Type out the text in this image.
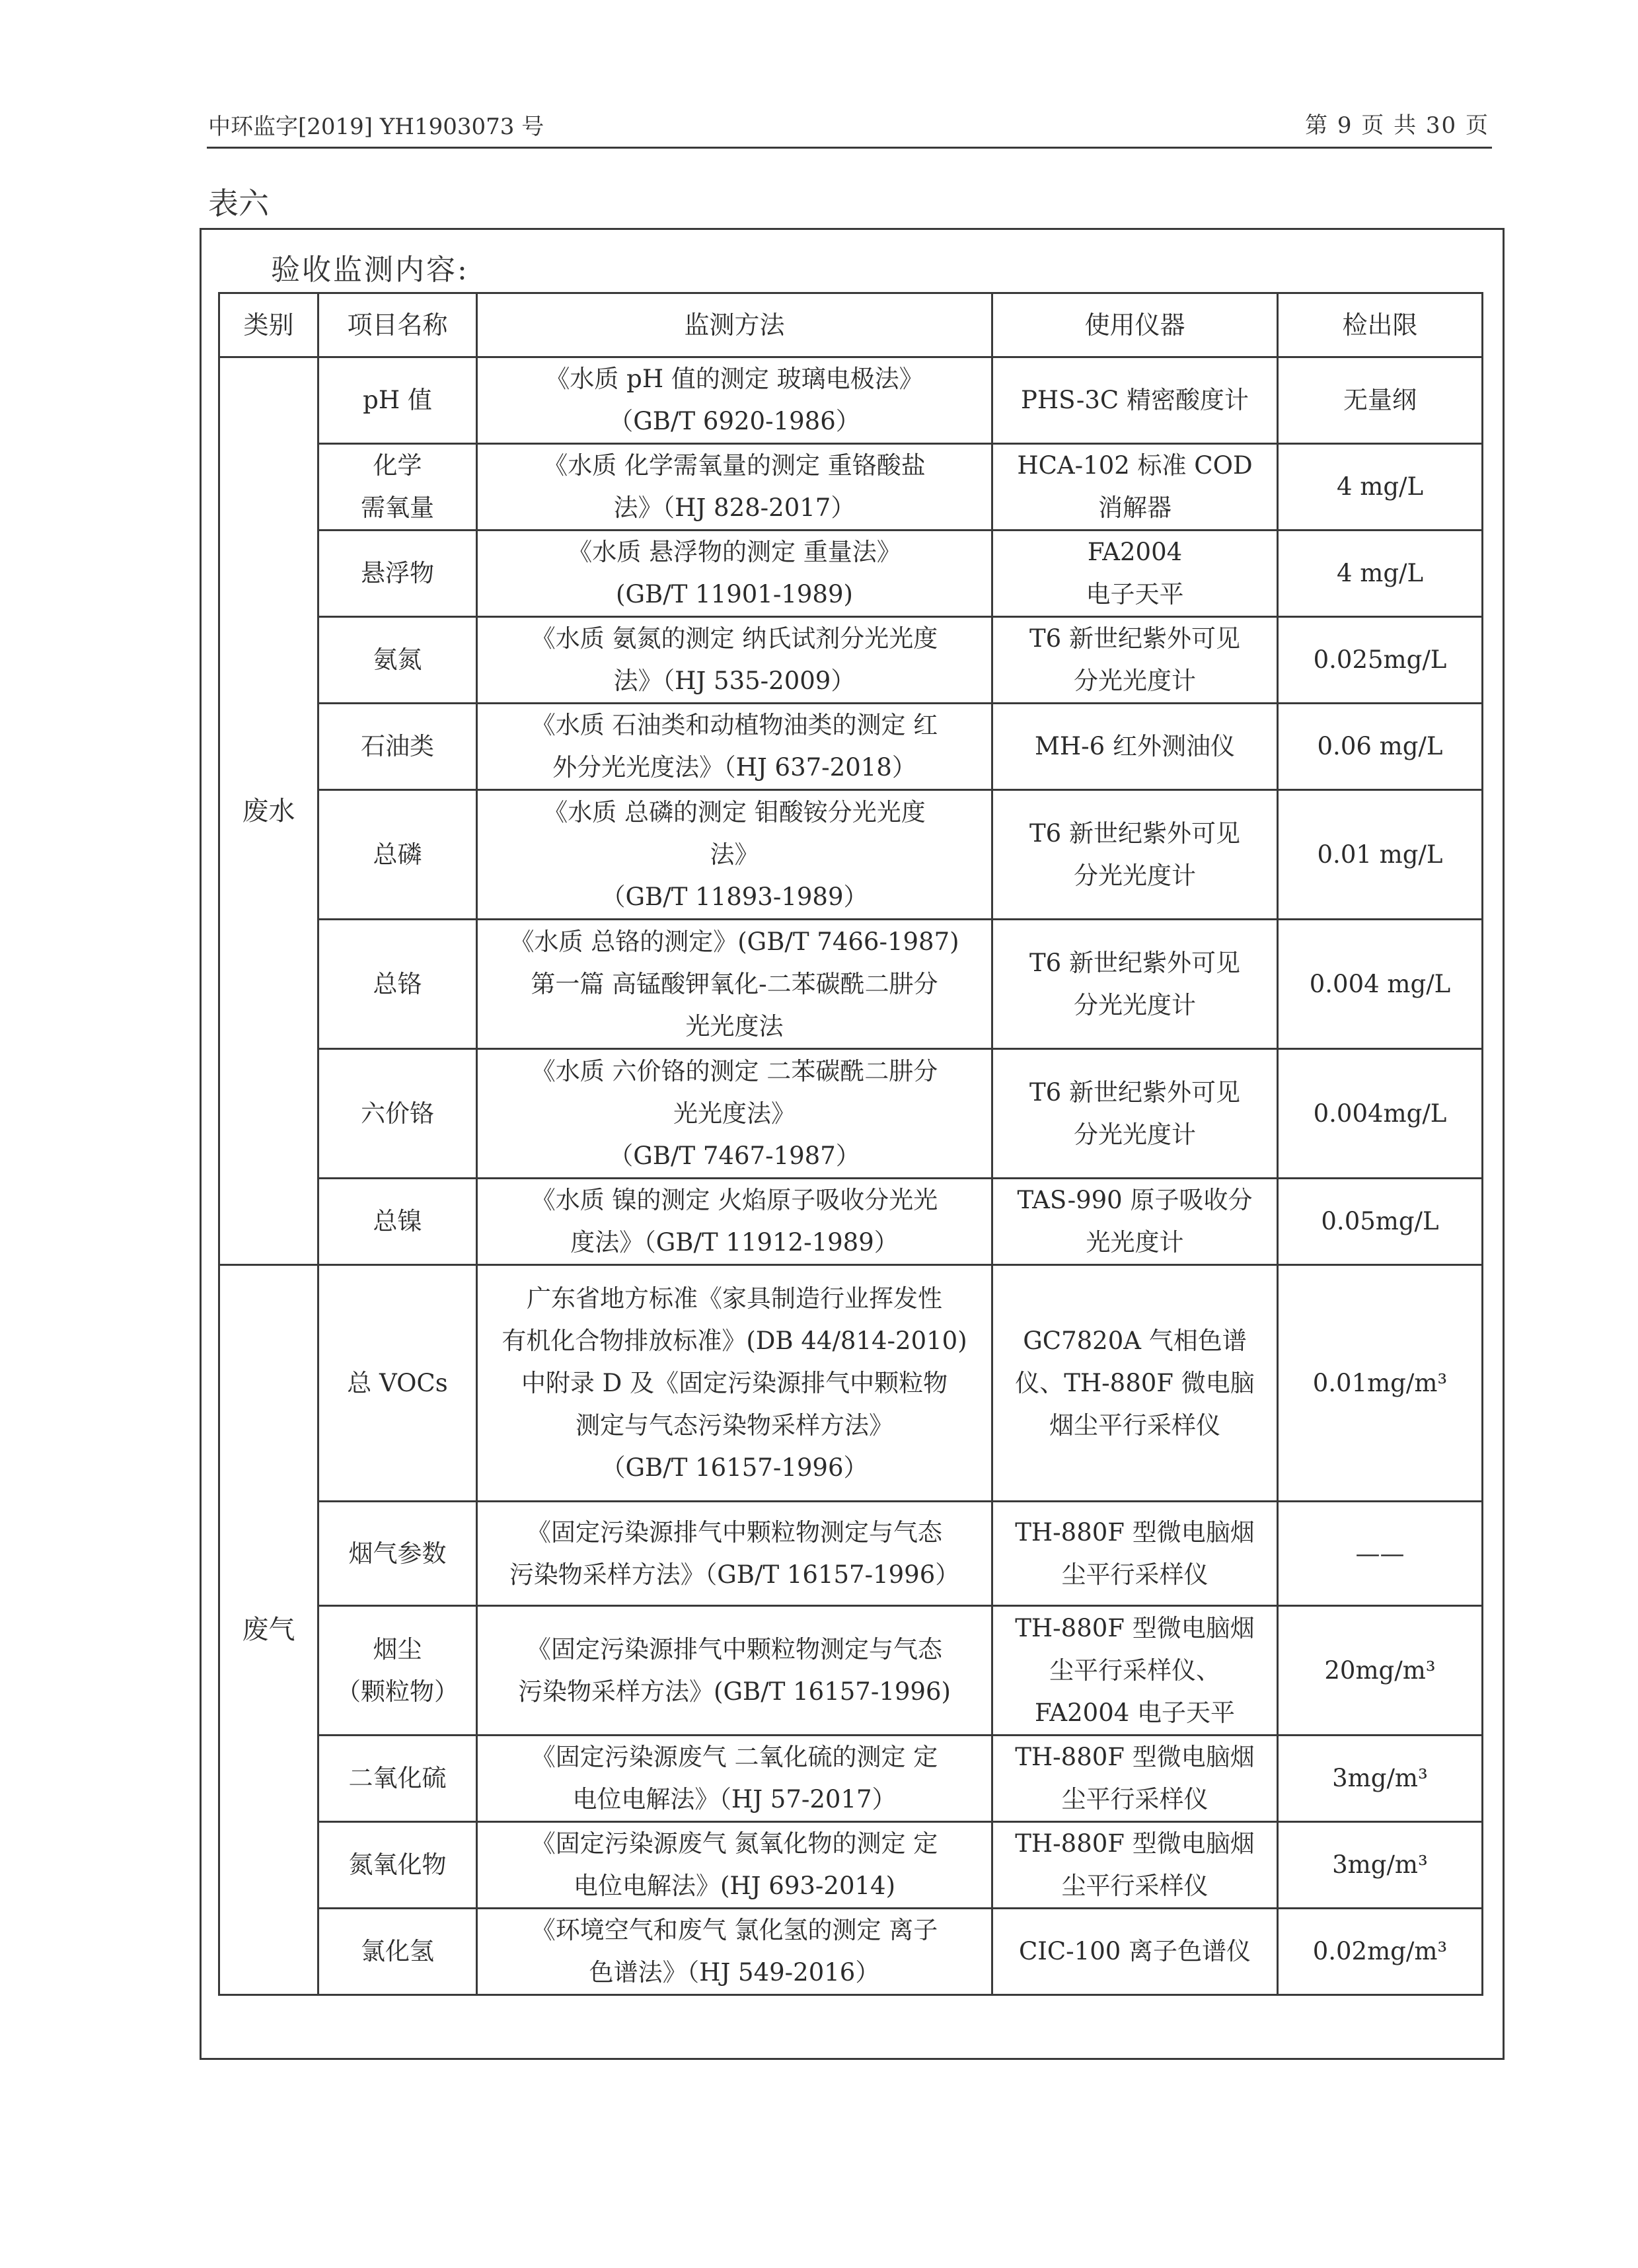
中环监字[2019] YH1903073 号	第 9 页 共 30 页
表六
验收监测内容:
类别	项目名称	监测方法	使用仪器	检出限
废水	pH 值	《水质 pH 值的测定 玻璃电极法》
（GB/T 6920-1986）	PHS-3C 精密酸度计	无量纲

	化学
需氧量	《水质 化学需氧量的测定 重铬酸盐
法》（HJ 828-2017）	HCA-102 标准 COD
消解器	4 mg/L

	悬浮物	《水质 悬浮物的测定 重量法》
(GB/T 11901-1989)	FA2004
电子天平	4 mg/L

	氨氮	《水质 氨氮的测定 纳氏试剂分光光度
法》（HJ 535-2009）	T6 新世纪紫外可见
分光光度计	0.025mg/L

	石油类	《水质 石油类和动植物油类的测定 红
外分光光度法》（HJ 637-2018）	MH-6 红外测油仪	0.06 mg/L

	总磷	《水质 总磷的测定 钼酸铵分光光度
法》
（GB/T 11893-1989）	T6 新世纪紫外可见
分光光度计	0.01 mg/L

	总铬	《水质 总铬的测定》(GB/T 7466-1987)
第一篇 高锰酸钾氧化-二苯碳酰二肼分
光光度法	T6 新世纪紫外可见
分光光度计	0.004 mg/L

	六价铬	《水质 六价铬的测定 二苯碳酰二肼分
光光度法》
（GB/T 7467-1987）	T6 新世纪紫外可见
分光光度计	0.004mg/L

	总镍	《水质 镍的测定 火焰原子吸收分光光
度法》（GB/T 11912-1989）	TAS-990 原子吸收分
光光度计	0.05mg/L
废气	总 VOCs	广东省地方标准《家具制造行业挥发性
有机化合物排放标准》(DB 44/814-2010)
中附录 D 及《固定污染源排气中颗粒物
测定与气态污染物采样方法》
（GB/T 16157-1996）	GC7820A 气相色谱
仪、TH-880F 微电脑
烟尘平行采样仪	0.01mg/m³

	烟气参数	《固定污染源排气中颗粒物测定与气态
污染物采样方法》（GB/T 16157-1996）	TH-880F 型微电脑烟
尘平行采样仪	——

	烟尘
（颗粒物）	《固定污染源排气中颗粒物测定与气态
污染物采样方法》(GB/T 16157-1996)	TH-880F 型微电脑烟
尘平行采样仪、
FA2004 电子天平	20mg/m³

	二氧化硫	《固定污染源废气 二氧化硫的测定 定
电位电解法》（HJ 57-2017）	TH-880F 型微电脑烟
尘平行采样仪	3mg/m³

	氮氧化物	《固定污染源废气 氮氧化物的测定 定
电位电解法》(HJ 693-2014)	TH-880F 型微电脑烟
尘平行采样仪	3mg/m³

	氯化氢	《环境空气和废气 氯化氢的测定 离子
色谱法》（HJ 549-2016）	CIC-100 离子色谱仪	0.02mg/m³
